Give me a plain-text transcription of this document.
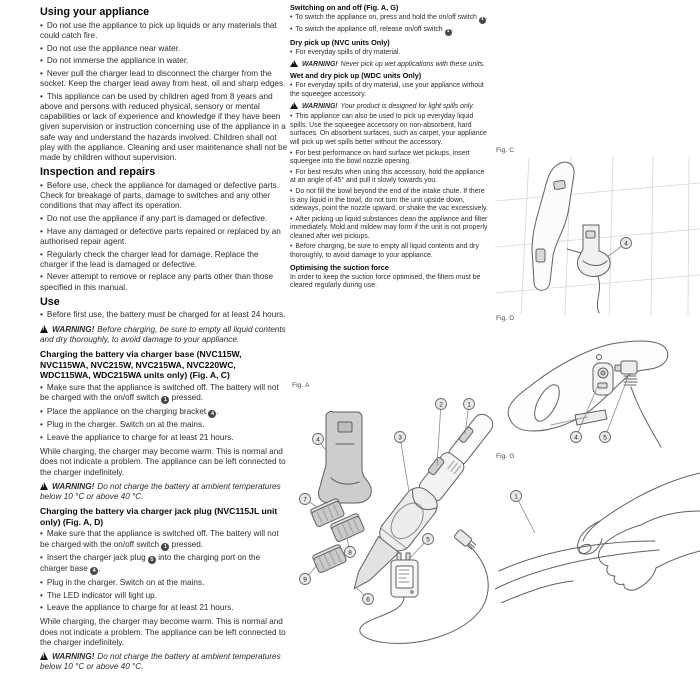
Using your appliance
• Do not use the appliance to pick up liquids or any materials that could catch fire.
• Do not use the appliance near water.
• Do not immerse the appliance in water.
• Never pull the charger lead to disconnect the charger from the socket. Keep the charger lead away from heat, oil and sharp edges.
• This appliance can be used by children aged from 8 years and above and persons with reduced physical, sensory or mental capabilities or lack of experience and knowledge if they have been given supervision or instruction concerning use of the appliance in a safe way and understand the hazards involved. Children shall not play with the appliance. Cleaning and user maintenance shall not be made by children without supervision.
Inspection and repairs
• Before use, check the appliance for damaged or defective parts. Check for breakage of parts, damage to switches and any other conditions that may affect its operation.
• Do not use the appliance if any part is damaged or defective.
• Have any damaged or defective parts repaired or replaced by an authorised repair agent.
• Regularly check the charger lead for damage. Replace the charger if the lead is damaged or defective.
• Never attempt to remove or replace any parts other than those specified in this manual.
Use
• Before first use, the battery must be charged for at least 24 hours.
!WARNING! Before charging, be sure to empty all liquid contents and dry thoroughly, to avoid damage to your appliance.
Charging the battery via charger base (NVC115W, NVC115WA, NVC215W, NVC215WA, NVC220WC, WDC115WA, WDC215WA units only) (Fig. A, C)
• Make sure that the appliance is switched off. The battery will not be charged with the on/off switch 1 pressed.
• Place the appliance on the charging bracket 4 .
• Plug in the charger. Switch on at the mains.
• Leave the appliance to charge for at least 21 hours.
While charging, the charger may become warm. This is normal and does not indicate a problem. The appliance can be left connected to the charger indefinitely.
!WARNING! Do not charge the battery at ambient temperatures below 10 °C or above 40 °C.
Charging the battery via charger jack plug (NVC115JL unit only) (Fig. A, D)
• Make sure that the appliance is switched off. The battery will not be charged with the on/off switch 1 pressed.
• Insert the charger jack plug 5 into the charging port on the charger base 4 .
• Plug in the charger. Switch on at the mains.
• The LED indicator will light up.
• Leave the appliance to charge for at least 21 hours.
While charging, the charger may become warm. This is normal and does not indicate a problem. The appliance can be left connected to the charger indefinitely.
!WARNING! Do not charge the battery at ambient temperatures below 10 °C or above 40 °C.
Switching on and off (Fig. A, G)
• To switch the appliance on, press and hold the on/off switch 1 .
• To switch the appliance off, release on/off switch 1 .
Dry pick up (NVC units Only)
• For everyday spills of dry material.
!WARNING! Never pick up wet applications with these units.
Wet and dry pick up (WDC units Only)
• For everyday spills of dry material, use your appliance without the squeegee accessory.
!WARNING! Your product is designed for light spills only.
• This appliance can also be used to pick up everyday liquid spills. Use the squeegee accessory on non-absorbent, hard surfaces. On absorbent surfaces, such as carpet, your appliance will pick up wet spills better without the accessory.
• For best performance on hard surface wet pickups, insert squeegee into the bowl nozzle opening.
• For best results when using this accessory, hold the appliance at an angle of 45° and pull it slowly towards you.
• Do not fill the bowl beyond the end of the intake chute. If there is any liquid in the bowl, do not turn the unit upside down, sideways, point the nozzle upward, or shake the vac excessively.
• After picking up liquid substances clean the appliance and filter immediately. Mold and mildew may form if the unit is not properly cleaned after wet pickups.
• Before charging, be sure to empty all liquid contents and dry thoroughly, to avoid damage to your appliance.
Optimising the suction force
In order to keep the suction force optimised, the filters must be cleared regularly during use.
Fig. A
1
2
3
4
5
6
7
8
9
Fig. C
4
Fig. D
4	5
Fig. G
1
